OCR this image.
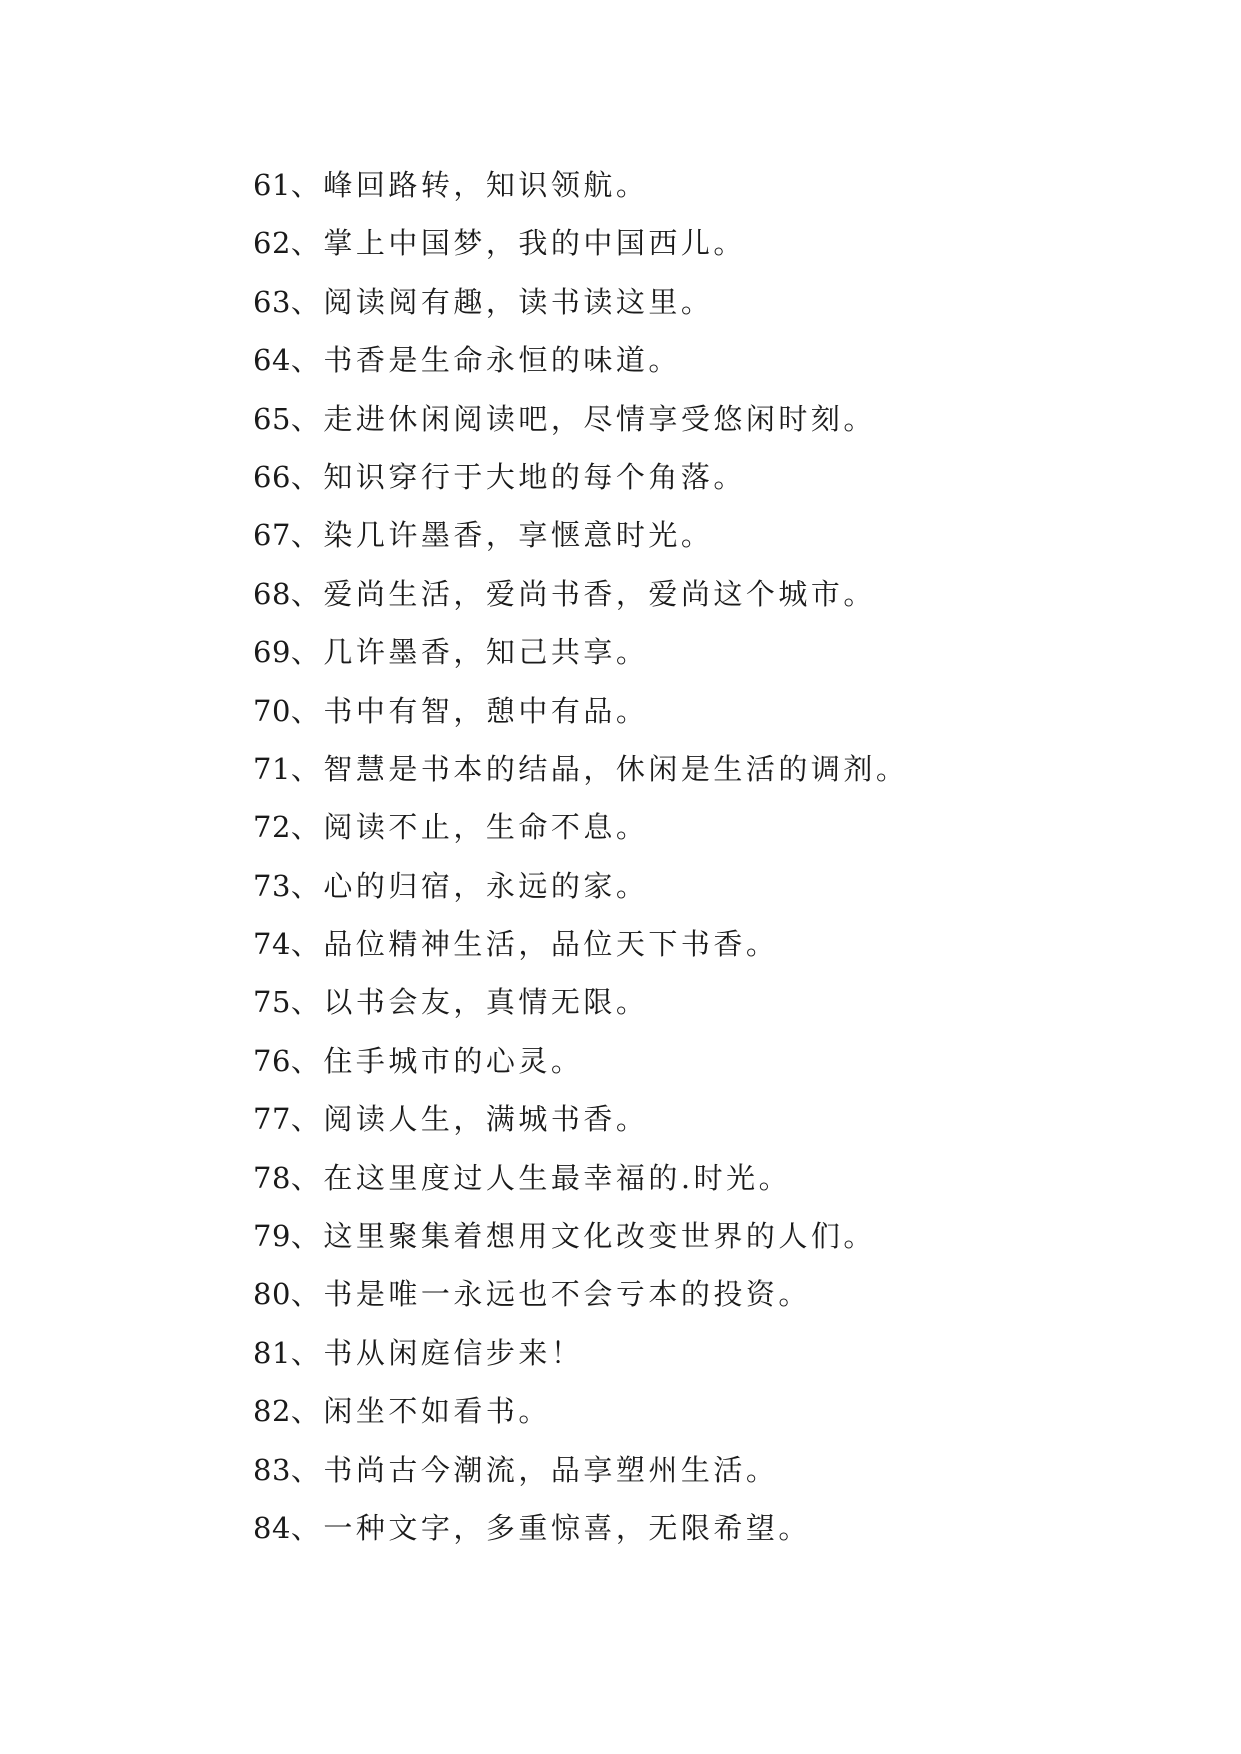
61、峰回路转，知识领航。
62、掌上中国梦，我的中国西儿。
63、阅读阅有趣，读书读这里。
64、书香是生命永恒的味道。
65、走进休闲阅读吧，尽情享受悠闲时刻。
66、知识穿行于大地的每个角落。
67、染几许墨香，享惬意时光。
68、爱尚生活，爱尚书香，爱尚这个城市。
69、几许墨香，知己共享。
70、书中有智，憩中有品。
71、智慧是书本的结晶，休闲是生活的调剂。
72、阅读不止，生命不息。
73、心的归宿，永远的家。
74、品位精神生活，品位天下书香。
75、以书会友，真情无限。
76、住手城市的心灵。
77、阅读人生，满城书香。
78、在这里度过人生最幸福的.时光。
79、这里聚集着想用文化改变世界的人们。
80、书是唯一永远也不会亏本的投资。
81、书从闲庭信步来！
82、闲坐不如看书。
83、书尚古今潮流，品享塑州生活。
84、一种文字，多重惊喜，无限希望。
